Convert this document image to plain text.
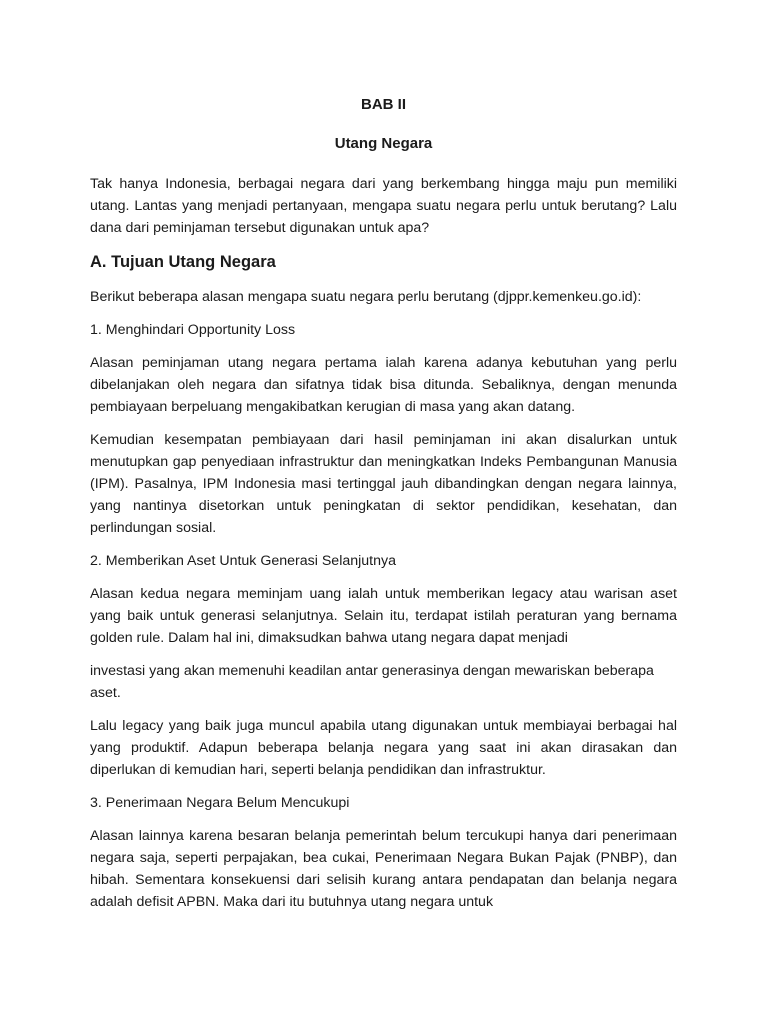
BAB II

Utang Negara

Tak hanya Indonesia, berbagai negara dari yang berkembang hingga maju pun memiliki utang. Lantas yang menjadi pertanyaan, mengapa suatu negara perlu untuk berutang? Lalu dana dari peminjaman tersebut digunakan untuk apa?

A. Tujuan Utang Negara

Berikut beberapa alasan mengapa suatu negara perlu berutang (djppr.kemenkeu.go.id):

1. Menghindari Opportunity Loss

Alasan peminjaman utang negara pertama ialah karena adanya kebutuhan yang perlu dibelanjakan oleh negara dan sifatnya tidak bisa ditunda. Sebaliknya, dengan menunda pembiayaan berpeluang mengakibatkan kerugian di masa yang akan datang.

Kemudian kesempatan pembiayaan dari hasil peminjaman ini akan disalurkan untuk menutupkan gap penyediaan infrastruktur dan meningkatkan Indeks Pembangunan Manusia (IPM). Pasalnya, IPM Indonesia masi tertinggal jauh dibandingkan dengan negara lainnya, yang nantinya disetorkan untuk peningkatan di sektor pendidikan, kesehatan, dan perlindungan sosial.

2. Memberikan Aset Untuk Generasi Selanjutnya

Alasan kedua negara meminjam uang ialah untuk memberikan legacy atau warisan aset yang baik untuk generasi selanjutnya. Selain itu, terdapat istilah peraturan yang bernama golden rule. Dalam hal ini, dimaksudkan bahwa utang negara dapat menjadi

investasi yang akan memenuhi keadilan antar generasinya dengan mewariskan beberapa aset.

Lalu legacy yang baik juga muncul apabila utang digunakan untuk membiayai berbagai hal yang produktif. Adapun beberapa belanja negara yang saat ini akan dirasakan dan diperlukan di kemudian hari, seperti belanja pendidikan dan infrastruktur.

3. Penerimaan Negara Belum Mencukupi

Alasan lainnya karena besaran belanja pemerintah belum tercukupi hanya dari penerimaan negara saja, seperti perpajakan, bea cukai, Penerimaan Negara Bukan Pajak (PNBP), dan hibah. Sementara konsekuensi dari selisih kurang antara pendapatan dan belanja negara adalah defisit APBN. Maka dari itu butuhnya utang negara untuk
